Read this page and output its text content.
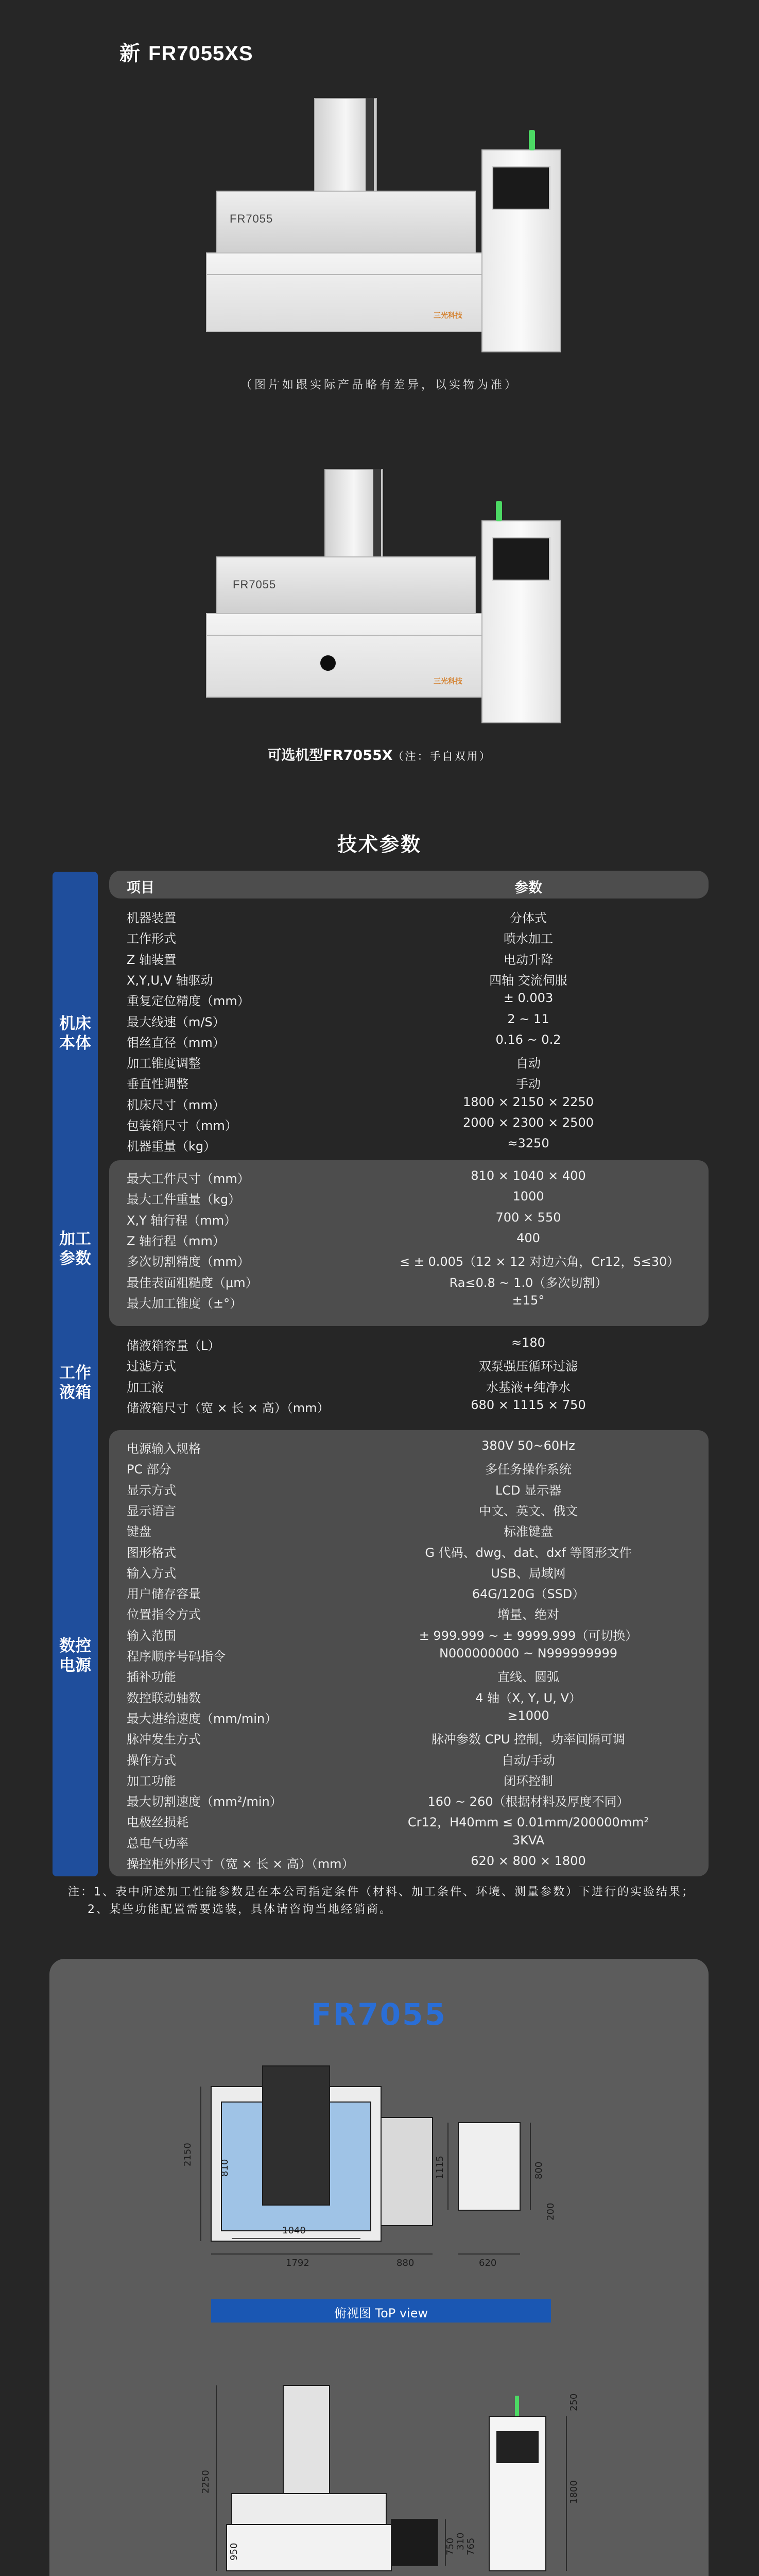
新 FR7055XS
FR7055
三光科技
（图片如跟实际产品略有差异，以实物为准）
FR7055
三光科技
可选机型FR7055X（注：手自双用）
技术参数
机床
本体
加工
参数
工作
液箱
数控
电源
项目	参数
机器装置	分体式
工作形式	喷水加工
Z 轴装置	电动升降
X,Y,U,V 轴驱动	四轴 交流伺服
重复定位精度（mm）	± 0.003
最大线速（m/S）	2 ~ 11
钼丝直径（mm）	0.16 ~ 0.2
加工锥度调整	自动
垂直性调整	手动
机床尺寸（mm）	1800 × 2150 × 2250
包装箱尺寸（mm）	2000 × 2300 × 2500
机器重量（kg）	≈3250
最大工件尺寸（mm）	810 × 1040 × 400
最大工件重量（kg）	1000
X,Y 轴行程（mm）	700 × 550
Z 轴行程（mm）	400
多次切割精度（mm）	≤ ± 0.005（12 × 12 对边六角，Cr12，S≤30）
最佳表面粗糙度（μm）	Ra≤0.8 ~ 1.0（多次切割）
最大加工锥度（±°）	±15°
储液箱容量（L）	≈180
过滤方式	双泵强压循环过滤
加工液	水基液+纯净水
储液箱尺寸（宽 × 长 × 高）（mm）	680 × 1115 × 750
电源输入规格	380V 50~60Hz
PC 部分	多任务操作系统
显示方式	LCD 显示器
显示语言	中文、英文、俄文
键盘	标准键盘
图形格式	G 代码、dwg、dat、dxf 等图形文件
输入方式	USB、局域网
用户储存容量	64G/120G（SSD）
位置指令方式	增量、绝对
输入范围	± 999.999 ~ ± 9999.999（可切换）
程序顺序号码指令	N000000000 ~ N999999999
插补功能	直线、圆弧
数控联动轴数	4 轴（X, Y, U, V）
最大进给速度（mm/min）	≥1000
脉冲发生方式	脉冲参数 CPU 控制，功率间隔可调
操作方式	自动/手动
加工功能	闭环控制
最大切割速度（mm²/min）	160 ~ 260（根据材料及厚度不同）
电极丝损耗	Cr12，H40mm ≤ 0.01mm/200000mm²
总电气功率	3KVA
操控柜外形尺寸（宽 × 长 × 高）（mm）	620 × 800 × 1800
注：1、表中所述加工性能参数是在本公司指定条件（材料、加工条件、环境、测量参数）下进行的实验结果；
2、某些功能配置需要选装，具体请咨询当地经销商。
FR7055
2150
1040
810
1792	880	620
1115	800
200
俯视图 ToP view
2250
950	750 310 765
1800
250
